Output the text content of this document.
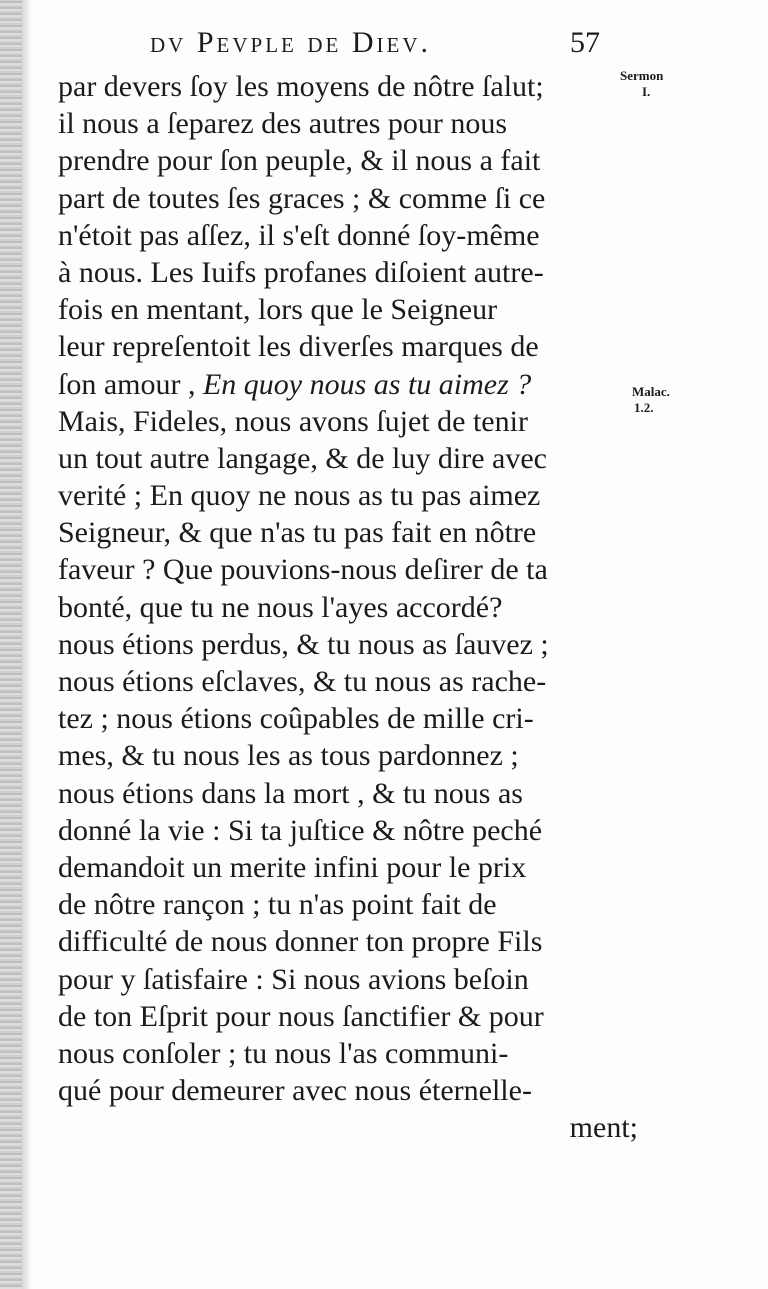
dv Pevple de Diev.	57
Sermon
I.
Malac.
1.2.
par devers ſoy les moyens de nôtre ſalut;
il nous a ſeparez des autres pour nous
prendre pour ſon peuple, & il nous a fait
part de toutes ſes graces ; & comme ſi ce
n'étoit pas aſſez, il s'eſt donné ſoy-même
à nous. Les Iuifs profanes diſoient autre-
fois en mentant, lors que le Seigneur
leur repreſentoit les diverſes marques de
ſon amour , En quoy nous as tu aimez ?
Mais, Fideles, nous avons ſujet de tenir
un tout autre langage, & de luy dire avec
verité ; En quoy ne nous as tu pas aimez
Seigneur, & que n'as tu pas fait en nôtre
faveur ? Que pouvions-nous deſirer de ta
bonté, que tu ne nous l'ayes accordé?
nous étions perdus, & tu nous as ſauvez ;
nous étions eſclaves, & tu nous as rache-
tez ; nous étions coûpables de mille cri-
mes, & tu nous les as tous pardonnez ;
nous étions dans la mort , & tu nous as
donné la vie : Si ta juſtice & nôtre peché
demandoit un merite infini pour le prix
de nôtre rançon ; tu n'as point fait de
difficulté de nous donner ton propre Fils
pour y ſatisfaire : Si nous avions beſoin
de ton Eſprit pour nous ſanctifier & pour
nous conſoler ; tu nous l'as communi-
qué pour demeurer avec nous éternelle-
ment;
